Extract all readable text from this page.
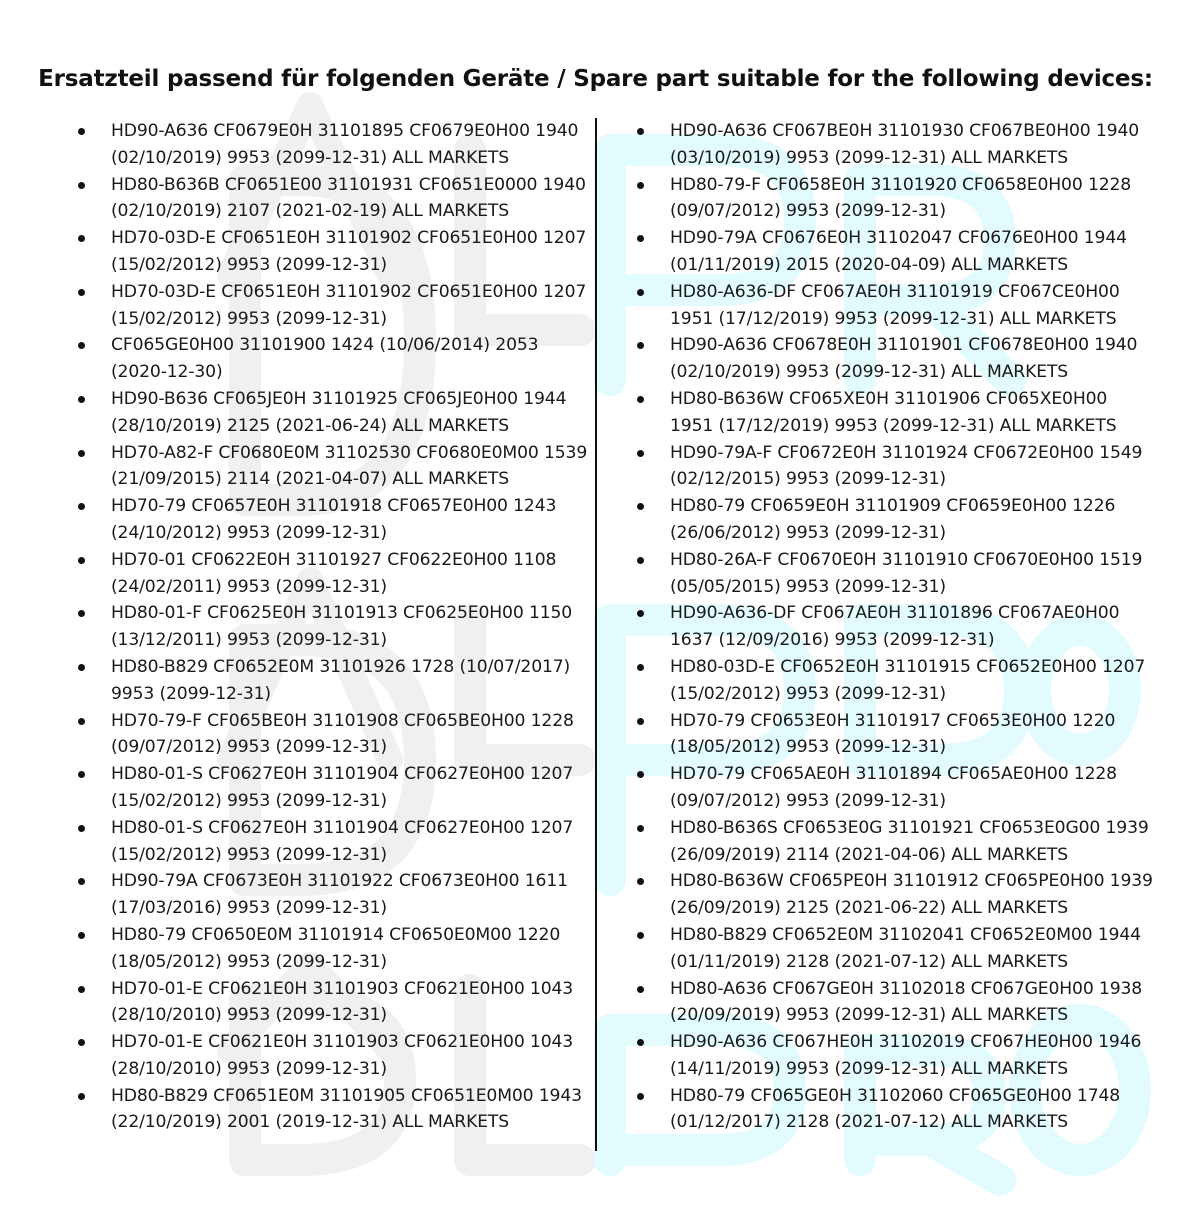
Ersatzteil passend für folgenden Geräte / Spare part suitable for the following devices:
HD90-A636 CF0679E0H 31101895 CF0679E0H00 1940 (02/10/2019) 9953 (2099-12-31) ALL MARKETS
HD80-B636B CF0651E00 31101931 CF0651E0000 1940 (02/10/2019) 2107 (2021-02-19) ALL MARKETS
HD70-03D-E CF0651E0H 31101902 CF0651E0H00 1207 (15/02/2012) 9953 (2099-12-31)
HD70-03D-E CF0651E0H 31101902 CF0651E0H00 1207 (15/02/2012) 9953 (2099-12-31)
CF065GE0H00 31101900 1424 (10/06/2014) 2053 (2020-12-30)
HD90-B636 CF065JE0H 31101925 CF065JE0H00 1944 (28/10/2019) 2125 (2021-06-24) ALL MARKETS
HD70-A82-F CF0680E0M 31102530 CF0680E0M00 1539 (21/09/2015) 2114 (2021-04-07) ALL MARKETS
HD70-79 CF0657E0H 31101918 CF0657E0H00 1243 (24/10/2012) 9953 (2099-12-31)
HD70-01 CF0622E0H 31101927 CF0622E0H00 1108 (24/02/2011) 9953 (2099-12-31)
HD80-01-F CF0625E0H 31101913 CF0625E0H00 1150 (13/12/2011) 9953 (2099-12-31)
HD80-B829 CF0652E0M 31101926 1728 (10/07/2017) 9953 (2099-12-31)
HD70-79-F CF065BE0H 31101908 CF065BE0H00 1228 (09/07/2012) 9953 (2099-12-31)
HD80-01-S CF0627E0H 31101904 CF0627E0H00 1207 (15/02/2012) 9953 (2099-12-31)
HD80-01-S CF0627E0H 31101904 CF0627E0H00 1207 (15/02/2012) 9953 (2099-12-31)
HD90-79A CF0673E0H 31101922 CF0673E0H00 1611 (17/03/2016) 9953 (2099-12-31)
HD80-79 CF0650E0M 31101914 CF0650E0M00 1220 (18/05/2012) 9953 (2099-12-31)
HD70-01-E CF0621E0H 31101903 CF0621E0H00 1043 (28/10/2010) 9953 (2099-12-31)
HD70-01-E CF0621E0H 31101903 CF0621E0H00 1043 (28/10/2010) 9953 (2099-12-31)
HD80-B829 CF0651E0M 31101905 CF0651E0M00 1943 (22/10/2019) 2001 (2019-12-31) ALL MARKETS
HD90-A636 CF067BE0H 31101930 CF067BE0H00 1940 (03/10/2019) 9953 (2099-12-31) ALL MARKETS
HD80-79-F CF0658E0H 31101920 CF0658E0H00 1228 (09/07/2012) 9953 (2099-12-31)
HD90-79A CF0676E0H 31102047 CF0676E0H00 1944 (01/11/2019) 2015 (2020-04-09) ALL MARKETS
HD80-A636-DF CF067AE0H 31101919 CF067CE0H00 1951 (17/12/2019) 9953 (2099-12-31) ALL MARKETS
HD90-A636 CF0678E0H 31101901 CF0678E0H00 1940 (02/10/2019) 9953 (2099-12-31) ALL MARKETS
HD80-B636W CF065XE0H 31101906 CF065XE0H00 1951 (17/12/2019) 9953 (2099-12-31) ALL MARKETS
HD90-79A-F CF0672E0H 31101924 CF0672E0H00 1549 (02/12/2015) 9953 (2099-12-31)
HD80-79 CF0659E0H 31101909 CF0659E0H00 1226 (26/06/2012) 9953 (2099-12-31)
HD80-26A-F CF0670E0H 31101910 CF0670E0H00 1519 (05/05/2015) 9953 (2099-12-31)
HD90-A636-DF CF067AE0H 31101896 CF067AE0H00 1637 (12/09/2016) 9953 (2099-12-31)
HD80-03D-E CF0652E0H 31101915 CF0652E0H00 1207 (15/02/2012) 9953 (2099-12-31)
HD70-79 CF0653E0H 31101917 CF0653E0H00 1220 (18/05/2012) 9953 (2099-12-31)
HD70-79 CF065AE0H 31101894 CF065AE0H00 1228 (09/07/2012) 9953 (2099-12-31)
HD80-B636S CF0653E0G 31101921 CF0653E0G00 1939 (26/09/2019) 2114 (2021-04-06) ALL MARKETS
HD80-B636W CF065PE0H 31101912 CF065PE0H00 1939 (26/09/2019) 2125 (2021-06-22) ALL MARKETS
HD80-B829 CF0652E0M 31102041 CF0652E0M00 1944 (01/11/2019) 2128 (2021-07-12) ALL MARKETS
HD80-A636 CF067GE0H 31102018 CF067GE0H00 1938 (20/09/2019) 9953 (2099-12-31) ALL MARKETS
HD90-A636 CF067HE0H 31102019 CF067HE0H00 1946 (14/11/2019) 9953 (2099-12-31) ALL MARKETS
HD80-79 CF065GE0H 31102060 CF065GE0H00 1748 (01/12/2017) 2128 (2021-07-12) ALL MARKETS
